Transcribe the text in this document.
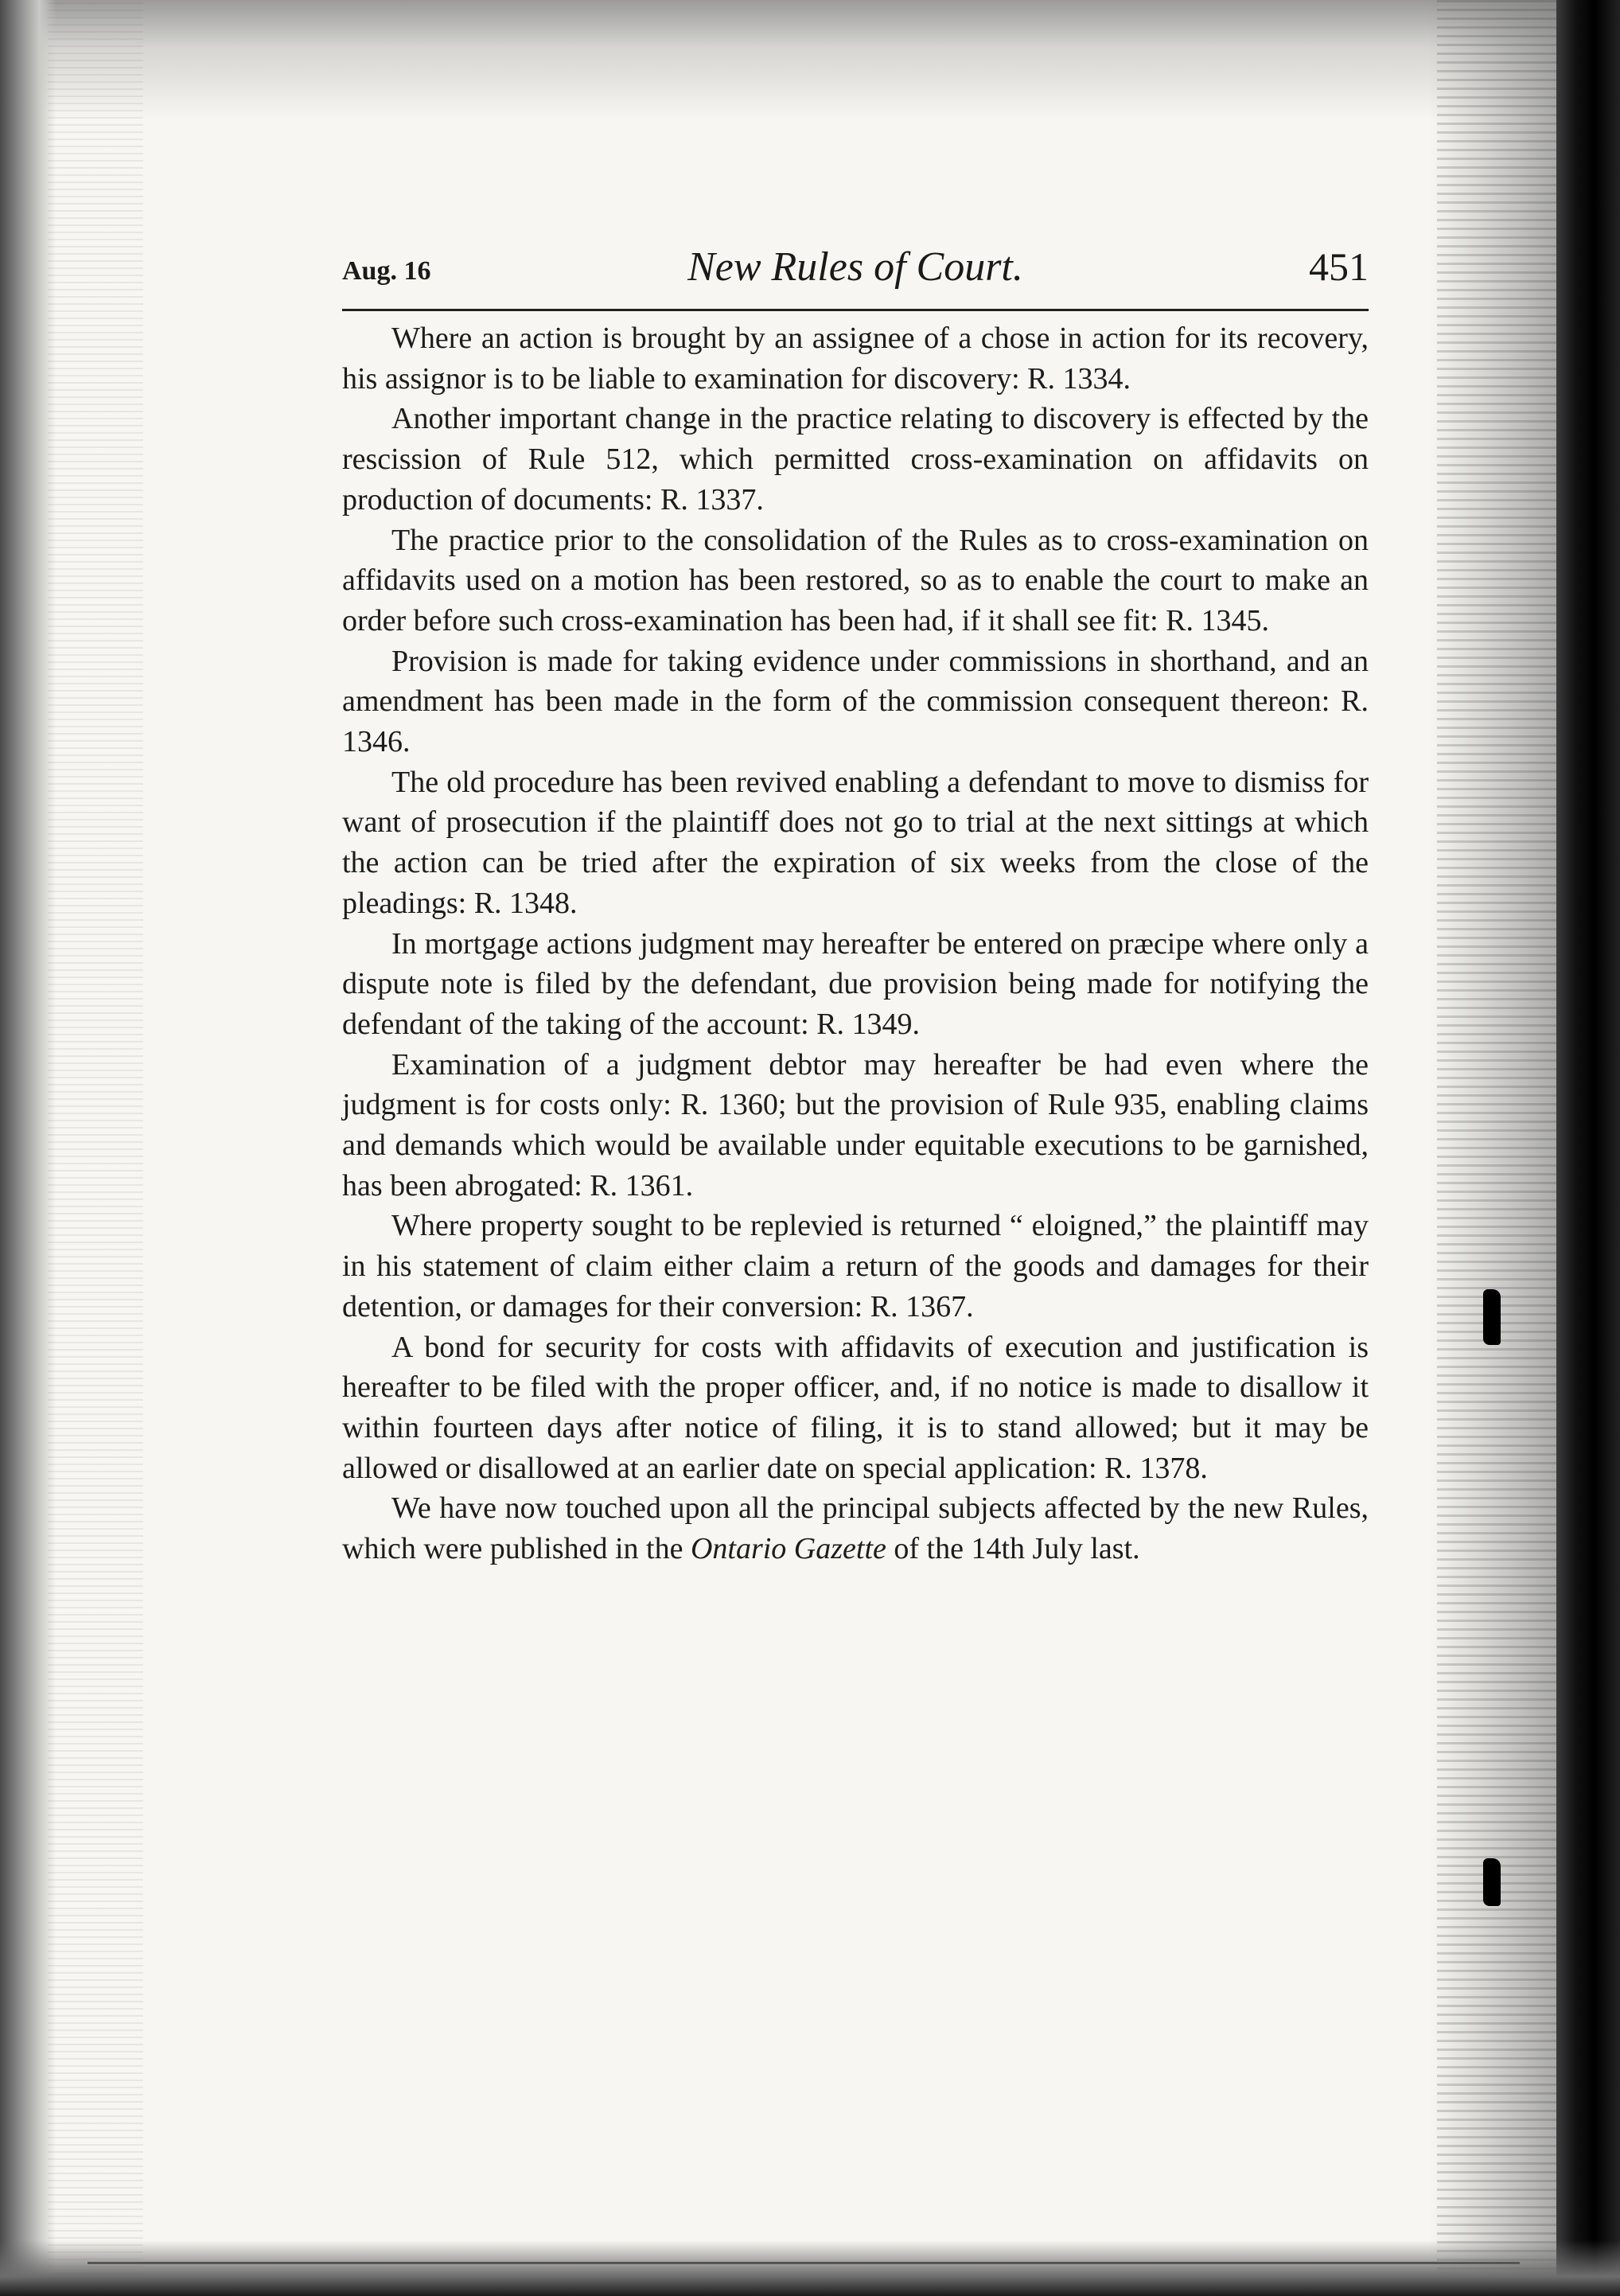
Aug. 16	New Rules of Court.	451

Where an action is brought by an assignee of a chose in action for its recovery, his assignor is to be liable to examination for discovery: R. 1334.

Another important change in the practice relating to discovery is effected by the rescission of Rule 512, which permitted cross-examination on affidavits on production of documents: R. 1337.

The practice prior to the consolidation of the Rules as to cross-examination on affidavits used on a motion has been restored, so as to enable the court to make an order before such cross-examination has been had, if it shall see fit: R. 1345.

Provision is made for taking evidence under commissions in shorthand, and an amendment has been made in the form of the commission consequent thereon: R. 1346.

The old procedure has been revived enabling a defendant to move to dismiss for want of prosecution if the plaintiff does not go to trial at the next sittings at which the action can be tried after the expiration of six weeks from the close of the pleadings: R. 1348.

In mortgage actions judgment may hereafter be entered on præcipe where only a dispute note is filed by the defendant, due provision being made for notifying the defendant of the taking of the account: R. 1349.

Examination of a judgment debtor may hereafter be had even where the judgment is for costs only: R. 1360; but the provision of Rule 935, enabling claims and demands which would be available under equitable executions to be garnished, has been abrogated: R. 1361.

Where property sought to be replevied is returned “ eloigned,” the plaintiff may in his statement of claim either claim a return of the goods and damages for their detention, or damages for their conversion: R. 1367.

A bond for security for costs with affidavits of execution and justification is hereafter to be filed with the proper officer, and, if no notice is made to disallow it within fourteen days after notice of filing, it is to stand allowed; but it may be allowed or disallowed at an earlier date on special application: R. 1378.

We have now touched upon all the principal subjects affected by the new Rules, which were published in the Ontario Gazette of the 14th July last.
